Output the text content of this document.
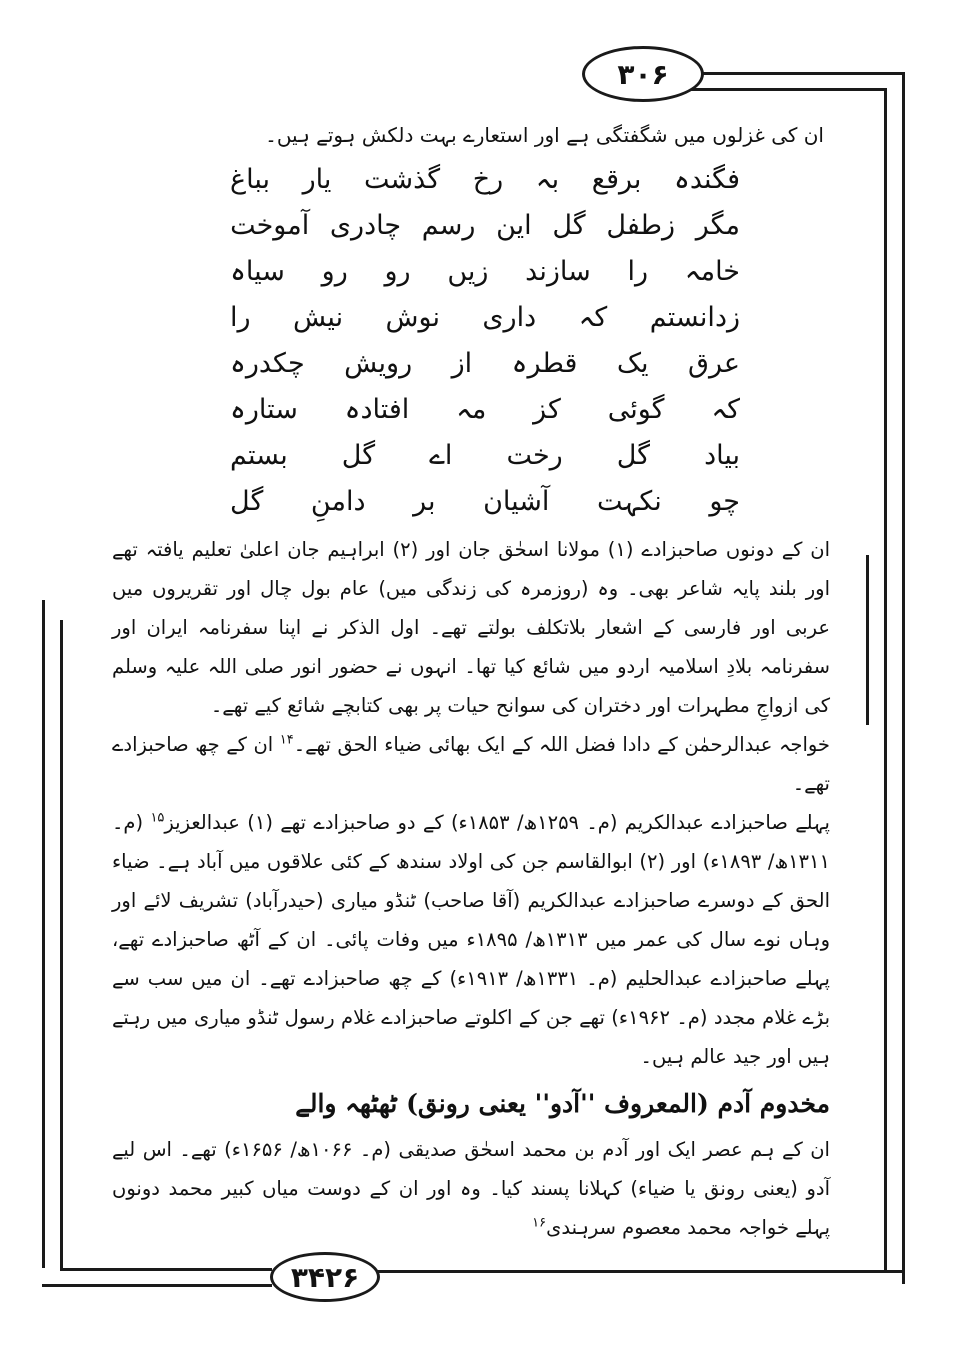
۳۰۶
۳۴۲۶

ان کی غزلوں میں شگفتگی ہے اور استعارے بہت دلکش ہوتے ہیں۔

فگندہ
برقع
بہ
رخ
گذشت
یار
بباغ
مگر
زطفل
گل
این
رسم
چادری
آموخت
خامہ
را
سازند
زیں
رو
رو
سیاہ
زدانستم
کہ
داری
نوش
نیش
را
عرق
یک
قطرہ
از
رویش
چکدرہ
کہ
گوئی
کز
مہ
افتادہ
ستارہ
بیاد
گل
رخت
اے
گل
بستم
چو
نکہت
آشیان
بر
دامنِ
گل

ان کے دونوں صاحبزادے (۱) مولانا اسحٰق جان اور (۲) ابراہیم جان اعلیٰ تعلیم یافتہ تھے اور بلند پایہ شاعر بھی۔ وہ (روزمرہ کی زندگی میں) عام بول چال اور تقریروں میں عربی اور فارسی کے اشعار بلاتکلف بولتے تھے۔ اول الذکر نے اپنا سفرنامہ ایران اور سفرنامہ بلادِ اسلامیہ اردو میں شائع کیا تھا۔ انہوں نے حضور انور صلی اللہ علیہ وسلم کی ازواجِ مطہرات اور دختران کی سوانح حیات پر بھی کتابچے شائع کیے تھے۔

خواجہ عبدالرحمٰن کے دادا فضل اللہ کے ایک بھائی ضیاء الحق تھے۔$^{۱۴}$ ان کے چھ صاحبزادے تھے۔

پہلے صاحبزادے عبدالکریم (م۔ ۱۲۵۹ھ/ ۱۸۵۳ء) کے دو صاحبزادے تھے (۱) عبدالعزیز$^{۱۵}$ (م۔ ۱۳۱۱ھ/ ۱۸۹۳ء) اور (۲) ابوالقاسم جن کی اولاد سندھ کے کئی علاقوں میں آباد ہے۔ ضیاء الحق کے دوسرے صاحبزادے عبدالکریم (آقا صاحب) ٹنڈو میاری (حیدرآباد) تشریف لائے اور وہاں نوے سال کی عمر میں ۱۳۱۳ھ/ ۱۸۹۵ء میں وفات پائی۔ ان کے آٹھ صاحبزادے تھے، پہلے صاحبزادے عبدالحلیم (م۔ ۱۳۳۱ھ/ ۱۹۱۳ء) کے چھ صاحبزادے تھے۔ ان میں سب سے بڑے غلام مجدد (م۔ ۱۹۶۲ء) تھے جن کے اکلوتے صاحبزادے غلام رسول ٹنڈو میاری میں رہتے ہیں اور جید عالم ہیں۔

مخدوم آدم (المعروف ''آدو'' یعنی رونق) ٹھٹھہ والے

ان کے ہم عصر ایک اور آدم بن محمد اسحٰق صدیقی (م۔ ۱۰۶۶ھ/ ۱۶۵۶ء) تھے۔ اس لیے آدو (یعنی رونق یا ضیاء) کہلانا پسند کیا۔ وہ اور ان کے دوست میاں کبیر محمد دونوں پہلے خواجہ محمد معصوم سرہندی$^{۱۶}$
